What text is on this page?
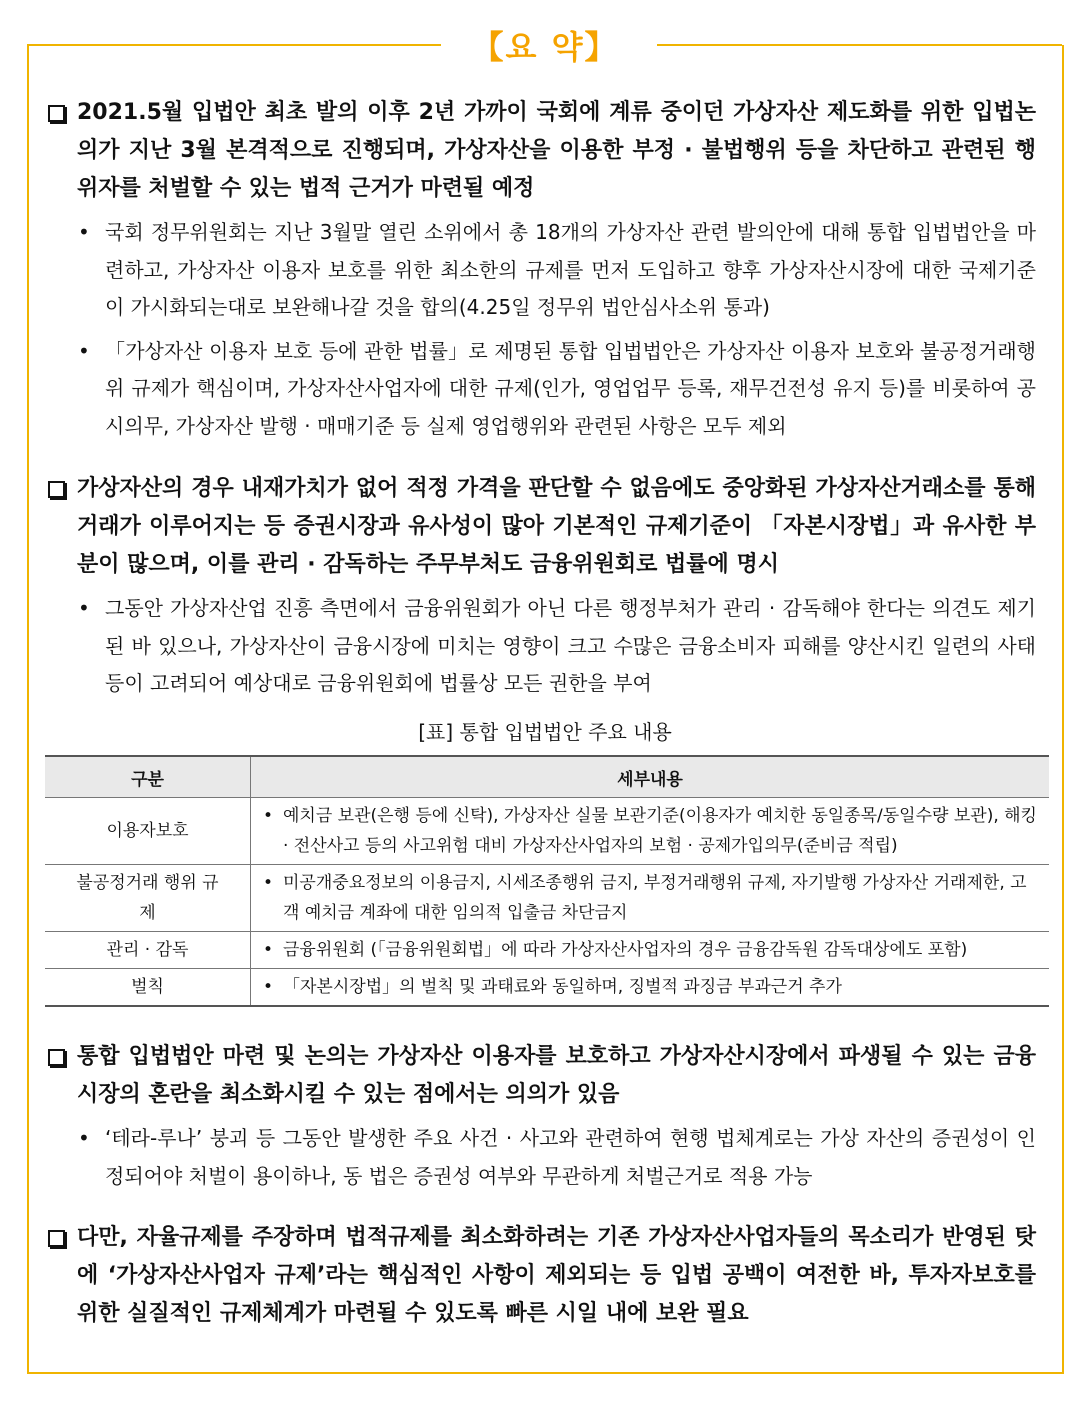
【요 약】
2021.5월 입법안 최초 발의 이후 2년 가까이 국회에 계류 중이던 가상자산 제도화를 위한 입법논의가 지난 3월 본격적으로 진행되며, 가상자산을 이용한 부정 · 불법행위 등을 차단하고 관련된 행위자를 처벌할 수 있는 법적 근거가 마련될 예정
• 국회 정무위원회는 지난 3월말 열린 소위에서 총 18개의 가상자산 관련 발의안에 대해 통합 입법법안을 마련하고, 가상자산 이용자 보호를 위한 최소한의 규제를 먼저 도입하고 향후 가상자산시장에 대한 국제기준이 가시화되는대로 보완해나갈 것을 합의(4.25일 정무위 법안심사소위 통과)
• 「가상자산 이용자 보호 등에 관한 법률」로 제명된 통합 입법법안은 가상자산 이용자 보호와 불공정거래행위 규제가 핵심이며, 가상자산사업자에 대한 규제(인가, 영업업무 등록, 재무건전성 유지 등)를 비롯하여 공시의무, 가상자산 발행 · 매매기준 등 실제 영업행위와 관련된 사항은 모두 제외
가상자산의 경우 내재가치가 없어 적정 가격을 판단할 수 없음에도 중앙화된 가상자산거래소를 통해 거래가 이루어지는 등 증권시장과 유사성이 많아 기본적인 규제기준이 「자본시장법」과 유사한 부분이 많으며, 이를 관리 · 감독하는 주무부처도 금융위원회로 법률에 명시
• 그동안 가상자산업 진흥 측면에서 금융위원회가 아닌 다른 행정부처가 관리 · 감독해야 한다는 의견도 제기된 바 있으나, 가상자산이 금융시장에 미치는 영향이 크고 수많은 금융소비자 피해를 양산시킨 일련의 사태 등이 고려되어 예상대로 금융위원회에 법률상 모든 권한을 부여
[표] 통합 입법법안 주요 내용
구분	세부내용
이용자보호	• 예치금 보관(은행 등에 신탁), 가상자산 실물 보관기준(이용자가 예치한 동일종목/동일수량 보관), 해킹 · 전산사고 등의 사고위험 대비 가상자산사업자의 보험 · 공제가입의무(준비금 적립)

불공정거래 행위 규제	• 미공개중요정보의 이용금지, 시세조종행위 금지, 부정거래행위 규제, 자기발행 가상자산 거래제한, 고객 예치금 계좌에 대한 임의적 입출금 차단금지

관리 · 감독	• 금융위원회 (「금융위원회법」에 따라 가상자산사업자의 경우 금융감독원 감독대상에도 포함)

벌칙	• 「자본시장법」의 벌칙 및 과태료와 동일하며, 징벌적 과징금 부과근거 추가
통합 입법법안 마련 및 논의는 가상자산 이용자를 보호하고 가상자산시장에서 파생될 수 있는 금융시장의 혼란을 최소화시킬 수 있는 점에서는 의의가 있음
• ‘테라-루나’ 붕괴 등 그동안 발생한 주요 사건 · 사고와 관련하여 현행 법체계로는 가상 자산의 증권성이 인정되어야 처벌이 용이하나, 동 법은 증권성 여부와 무관하게 처벌근거로 적용 가능
다만, 자율규제를 주장하며 법적규제를 최소화하려는 기존 가상자산사업자들의 목소리가 반영된 탓에 ‘가상자산사업자 규제’라는 핵심적인 사항이 제외되는 등 입법 공백이 여전한 바, 투자자보호를 위한 실질적인 규제체계가 마련될 수 있도록 빠른 시일 내에 보완 필요
